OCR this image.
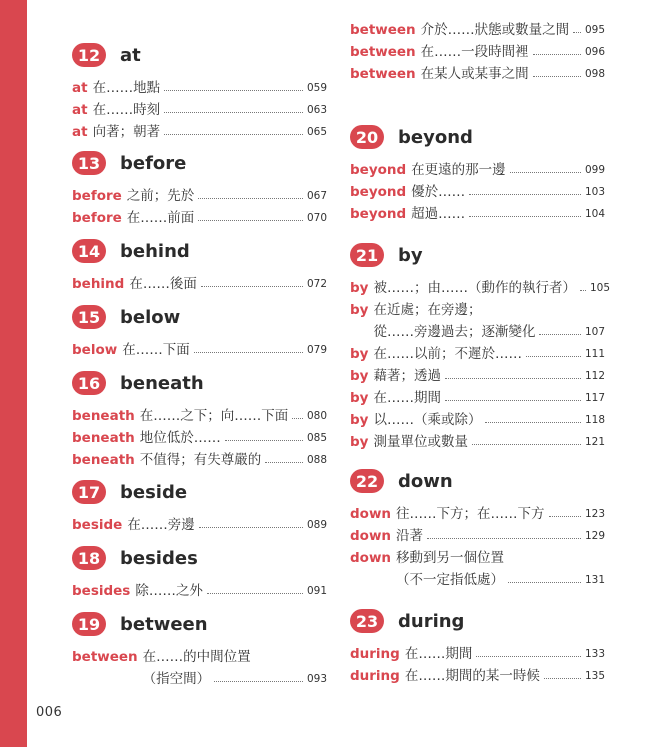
006
12	at
at 在……地點	059
at 在……時刻	063
at 向著；朝著	065
13	before
before 之前；先於	067
before 在……前面	070
14	behind
behind 在……後面	072
15	below
below 在……下面	079
16	beneath
beneath 在……之下；向……下面 080
beneath 地位低於……	085
beneath 不值得；有失尊嚴的	088
17	beside
beside 在……旁邊	089
18	besides
besides 除……之外	091
19	between
between 在……的中間位置
（指空間）	093
between 介於……狀態或數量之間 095
between 在……一段時間裡	096
between 在某人或某事之間	098
20	beyond
beyond 在更遠的那一邊	099
beyond 優於……	103
beyond 超過……	104
21	by
by 被……；由……（動作的執行者） 105
by 在近處；在旁邊；
從……旁邊過去；逐漸變化	107
by 在……以前；不遲於……	111
by 藉著；透過	112
by 在……期間	117
by 以……（乘或除）	118
by 測量單位或數量	121
22	down
down 往……下方；在……下方	123
down 沿著	129
down 移動到另一個位置
（不一定指低處）	131
23	during
during 在……期間	133
during 在……期間的某一時候	135
